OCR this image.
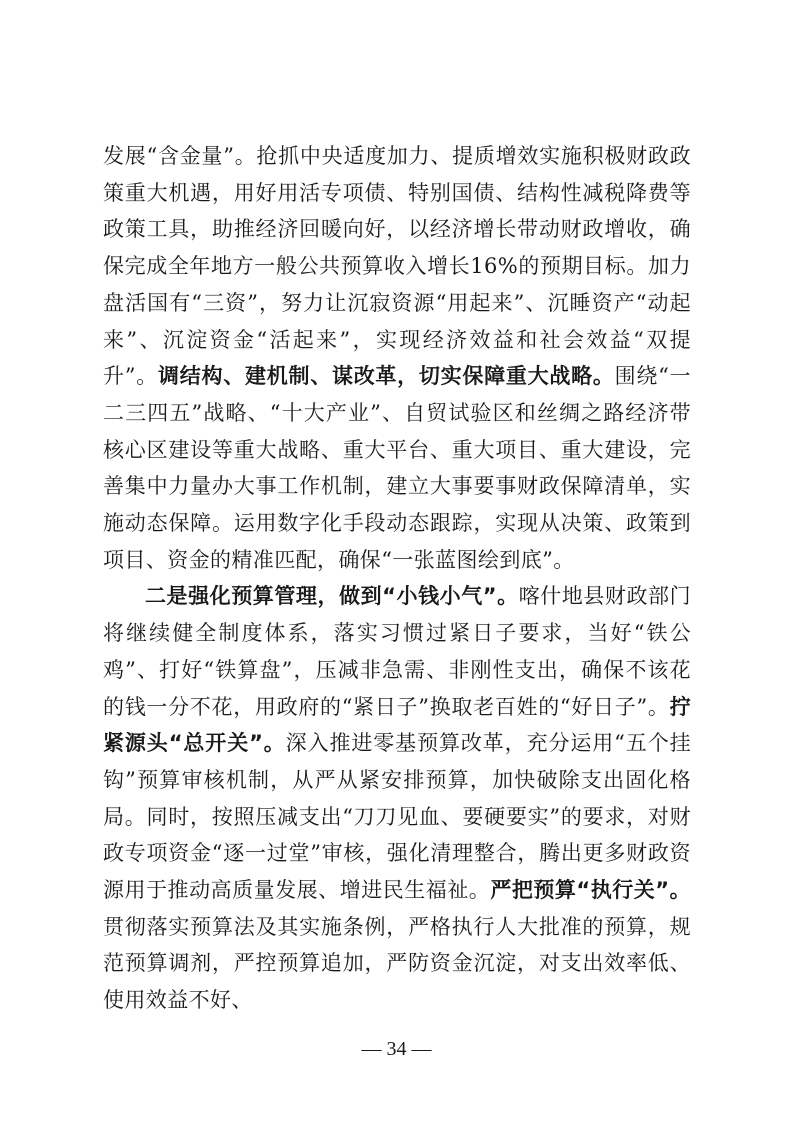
发展“含金量”。抢抓中央适度加力、提质增效实施积极财政政策重大机遇，用好用活专项债、特别国债、结构性减税降费等政策工具，助推经济回暖向好，以经济增长带动财政增收，确保完成全年地方一般公共预算收入增长16%的预期目标。加力盘活国有“三资”，努力让沉寂资源“用起来”、沉睡资产“动起来”、沉淀资金“活起来”，实现经济效益和社会效益“双提升”。调结构、建机制、谋改革，切实保障重大战略。围绕“一二三四五”战略、“十大产业”、自贸试验区和丝绸之路经济带核心区建设等重大战略、重大平台、重大项目、重大建设，完善集中力量办大事工作机制，建立大事要事财政保障清单，实施动态保障。运用数字化手段动态跟踪，实现从决策、政策到项目、资金的精准匹配，确保“一张蓝图绘到底”。

二是强化预算管理，做到“小钱小气”。喀什地县财政部门将继续健全制度体系，落实习惯过紧日子要求，当好“铁公鸡”、打好“铁算盘”，压减非急需、非刚性支出，确保不该花的钱一分不花，用政府的“紧日子”换取老百姓的“好日子”。拧紧源头“总开关”。深入推进零基预算改革，充分运用“五个挂钩”预算审核机制，从严从紧安排预算，加快破除支出固化格局。同时，按照压减支出“刀刀见血、要硬要实”的要求，对财政专项资金“逐一过堂”审核，强化清理整合，腾出更多财政资源用于推动高质量发展、增进民生福祉。严把预算“执行关”。贯彻落实预算法及其实施条例，严格执行人大批准的预算，规范预算调剂，严控预算追加，严防资金沉淀，对支出效率低、使用效益不好、

— 34 —
